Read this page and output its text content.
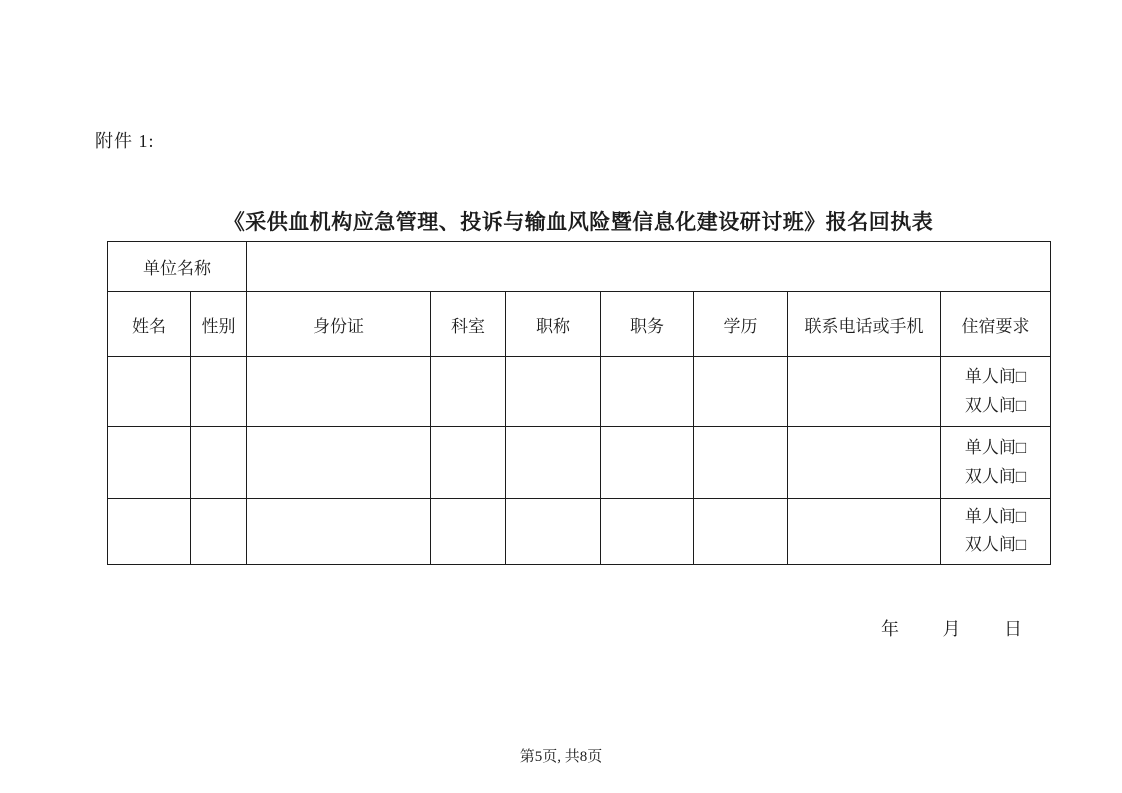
附件 1:
《采供血机构应急管理、投诉与输血风险暨信息化建设研讨班》报名回执表
单位名称								
姓名	性别	身份证	科室	职称	职务	学历	联系电话或手机	住宿要求

								单人间□
双人间□

								单人间□
双人间□

								单人间□
双人间□
年 月 日
第5页, 共8页
